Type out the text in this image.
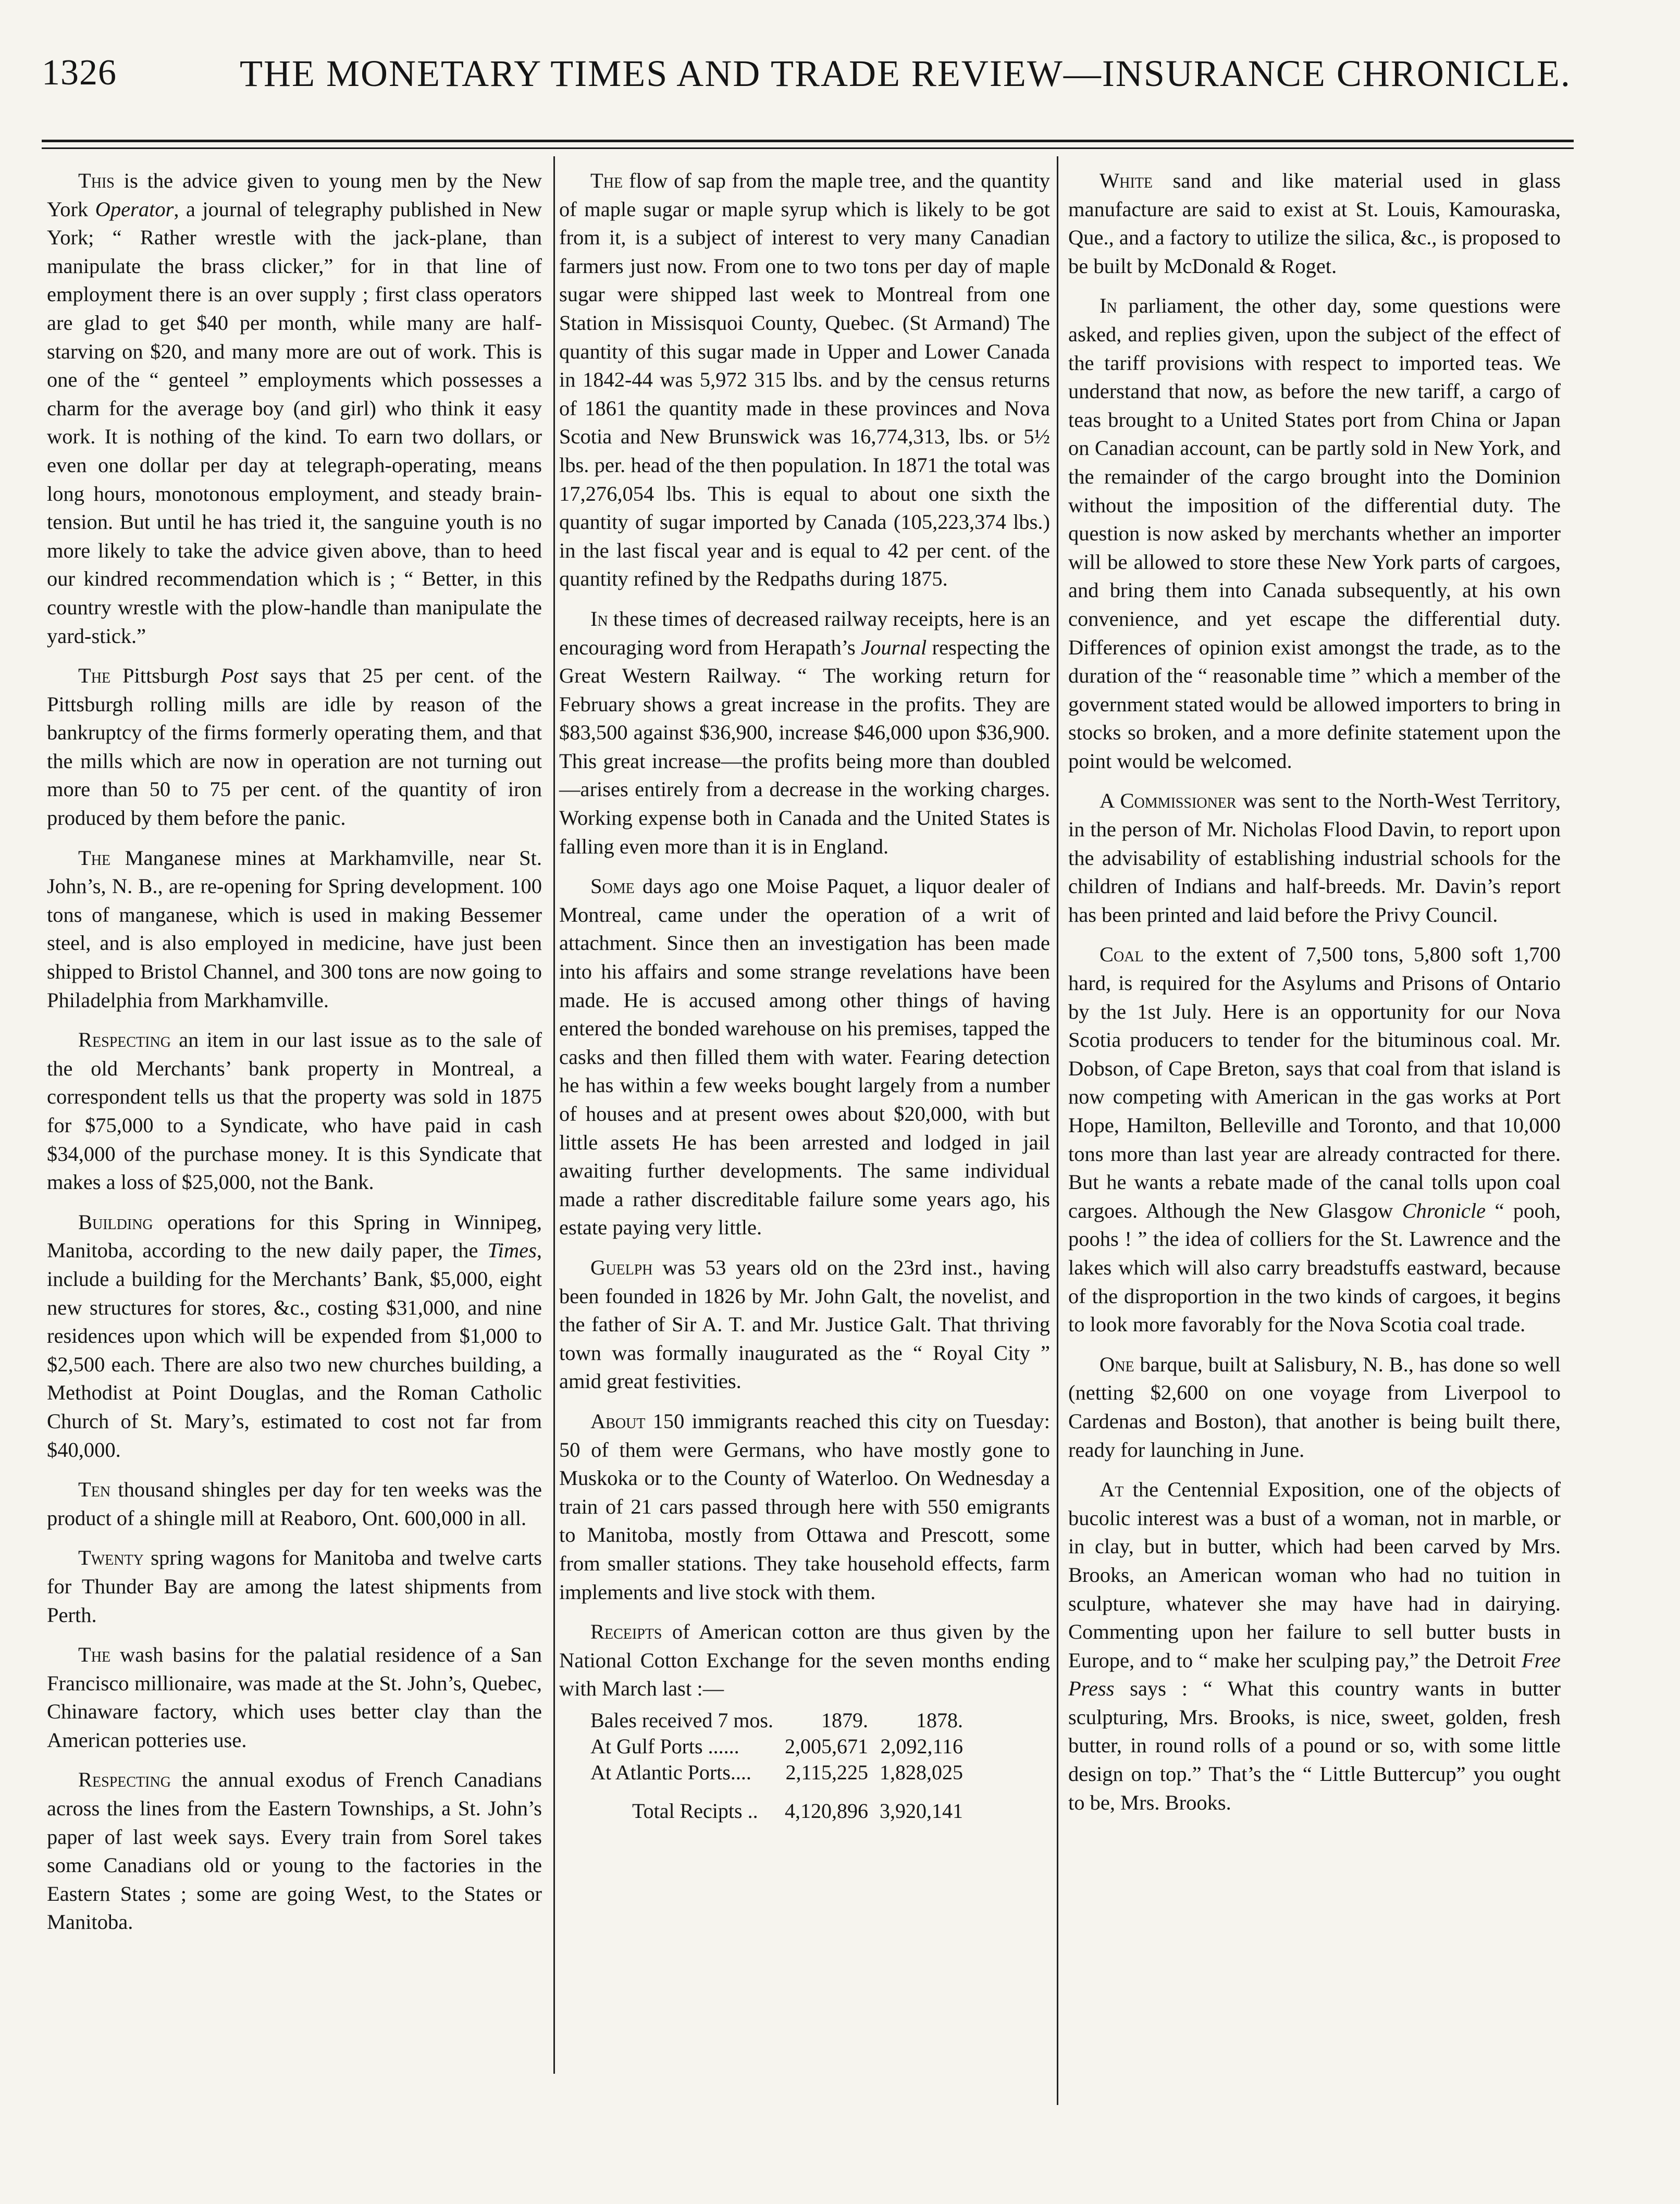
1326	THE MONETARY TIMES AND TRADE REVIEW—INSURANCE CHRONICLE.

This is the advice given to young men by the New York Operator, a journal of telegraphy published in New York; “ Rather wrestle with the jack-plane, than manipulate the brass clicker,” for in that line of employment there is an over supply ; first class operators are glad to get $40 per month, while many are half-starving on $20, and many more are out of work. This is one of the “ genteel ” employments which possesses a charm for the average boy (and girl) who think it easy work. It is nothing of the kind. To earn two dollars, or even one dollar per day at telegraph-operating, means long hours, monotonous employment, and steady brain-tension. But until he has tried it, the sanguine youth is no more likely to take the advice given above, than to heed our kindred recommendation which is ; “ Better, in this country wrestle with the plow-handle than manipulate the yard-stick.”

The Pittsburgh Post says that 25 per cent. of the Pittsburgh rolling mills are idle by reason of the bankruptcy of the firms formerly operating them, and that the mills which are now in operation are not turning out more than 50 to 75 per cent. of the quantity of iron produced by them before the panic.

The Manganese mines at Markhamville, near St. John’s, N. B., are re-opening for Spring development. 100 tons of manganese, which is used in making Bessemer steel, and is also employed in medicine, have just been shipped to Bristol Channel, and 300 tons are now going to Philadelphia from Markhamville.

Respecting an item in our last issue as to the sale of the old Merchants’ bank property in Montreal, a correspondent tells us that the property was sold in 1875 for $75,000 to a Syndicate, who have paid in cash $34,000 of the purchase money. It is this Syndicate that makes a loss of $25,000, not the Bank.

Building operations for this Spring in Winnipeg, Manitoba, according to the new daily paper, the Times, include a building for the Merchants’ Bank, $5,000, eight new structures for stores, &c., costing $31,000, and nine residences upon which will be expended from $1,000 to $2,500 each. There are also two new churches building, a Methodist at Point Douglas, and the Roman Catholic Church of St. Mary’s, estimated to cost not far from $40,000.

Ten thousand shingles per day for ten weeks was the product of a shingle mill at Reaboro, Ont. 600,000 in all.

Twenty spring wagons for Manitoba and twelve carts for Thunder Bay are among the latest shipments from Perth.

The wash basins for the palatial residence of a San Francisco millionaire, was made at the St. John’s, Quebec, Chinaware factory, which uses better clay than the American potteries use.

Respecting the annual exodus of French Canadians across the lines from the Eastern Townships, a St. John’s paper of last week says. Every train from Sorel takes some Canadians old or young to the factories in the Eastern States ; some are going West, to the States or Manitoba.

The flow of sap from the maple tree, and the quantity of maple sugar or maple syrup which is likely to be got from it, is a subject of interest to very many Canadian farmers just now. From one to two tons per day of maple sugar were shipped last week to Montreal from one Station in Missisquoi County, Quebec. (St Armand) The quantity of this sugar made in Upper and Lower Canada in 1842-44 was 5,972 315 lbs. and by the census returns of 1861 the quantity made in these provinces and Nova Scotia and New Brunswick was 16,774,313, lbs. or 5½ lbs. per. head of the then population. In 1871 the total was 17,276,054 lbs. This is equal to about one sixth the quantity of sugar imported by Canada (105,223,374 lbs.) in the last fiscal year and is equal to 42 per cent. of the quantity refined by the Redpaths during 1875.

In these times of decreased railway receipts, here is an encouraging word from Herapath’s Journal respecting the Great Western Railway. “ The working return for February shows a great increase in the profits. They are $83,500 against $36,900, increase $46,000 upon $36,900. This great increase—the profits being more than doubled—arises entirely from a decrease in the working charges. Working expense both in Canada and the United States is falling even more than it is in England.

Some days ago one Moise Paquet, a liquor dealer of Montreal, came under the operation of a writ of attachment. Since then an investigation has been made into his affairs and some strange revelations have been made. He is accused among other things of having entered the bonded warehouse on his premises, tapped the casks and then filled them with water. Fearing detection he has within a few weeks bought largely from a number of houses and at present owes about $20,000, with but little assets He has been arrested and lodged in jail awaiting further developments. The same individual made a rather discreditable failure some years ago, his estate paying very little.

Guelph was 53 years old on the 23rd inst., having been founded in 1826 by Mr. John Galt, the novelist, and the father of Sir A. T. and Mr. Justice Galt. That thriving town was formally inaugurated as the “ Royal City ” amid great festivities.

About 150 immigrants reached this city on Tuesday: 50 of them were Germans, who have mostly gone to Muskoka or to the County of Waterloo. On Wednesday a train of 21 cars passed through here with 550 emigrants to Manitoba, mostly from Ottawa and Prescott, some from smaller stations. They take household effects, farm implements and live stock with them.

Receipts of American cotton are thus given by the National Cotton Exchange for the seven months ending with March last :—

Bales received 7 mos.	1879.	1878.
At Gulf Ports ......	2,005,671	2,092,116
At Atlantic Ports....	2,115,225	1,828,025
Total Recipts ..	4,120,896	3,920,141

White sand and like material used in glass manufacture are said to exist at St. Louis, Kamouraska, Que., and a factory to utilize the silica, &c., is proposed to be built by McDonald & Roget.

In parliament, the other day, some questions were asked, and replies given, upon the subject of the effect of the tariff provisions with respect to imported teas. We understand that now, as before the new tariff, a cargo of teas brought to a United States port from China or Japan on Canadian account, can be partly sold in New York, and the remainder of the cargo brought into the Dominion without the imposition of the differential duty. The question is now asked by merchants whether an importer will be allowed to store these New York parts of cargoes, and bring them into Canada subsequently, at his own convenience, and yet escape the differential duty. Differences of opinion exist amongst the trade, as to the duration of the “ reasonable time ” which a member of the government stated would be allowed importers to bring in stocks so broken, and a more definite statement upon the point would be welcomed.

A Commissioner was sent to the North-West Territory, in the person of Mr. Nicholas Flood Davin, to report upon the advisability of establishing industrial schools for the children of Indians and half-breeds. Mr. Davin’s report has been printed and laid before the Privy Council.

Coal to the extent of 7,500 tons, 5,800 soft 1,700 hard, is required for the Asylums and Prisons of Ontario by the 1st July. Here is an opportunity for our Nova Scotia producers to tender for the bituminous coal. Mr. Dobson, of Cape Breton, says that coal from that island is now competing with American in the gas works at Port Hope, Hamilton, Belleville and Toronto, and that 10,000 tons more than last year are already contracted for there. But he wants a rebate made of the canal tolls upon coal cargoes. Although the New Glasgow Chronicle “ pooh, poohs ! ” the idea of colliers for the St. Lawrence and the lakes which will also carry breadstuffs eastward, because of the disproportion in the two kinds of cargoes, it begins to look more favorably for the Nova Scotia coal trade.

One barque, built at Salisbury, N. B., has done so well (netting $2,600 on one voyage from Liverpool to Cardenas and Boston), that another is being built there, ready for launching in June.

At the Centennial Exposition, one of the objects of bucolic interest was a bust of a woman, not in marble, or in clay, but in butter, which had been carved by Mrs. Brooks, an American woman who had no tuition in sculpture, whatever she may have had in dairying. Commenting upon her failure to sell butter busts in Europe, and to “ make her sculping pay,” the Detroit Free Press says : “ What this country wants in butter sculpturing, Mrs. Brooks, is nice, sweet, golden, fresh butter, in round rolls of a pound or so, with some little design on top.” That’s the “ Little Buttercup” you ought to be, Mrs. Brooks.
